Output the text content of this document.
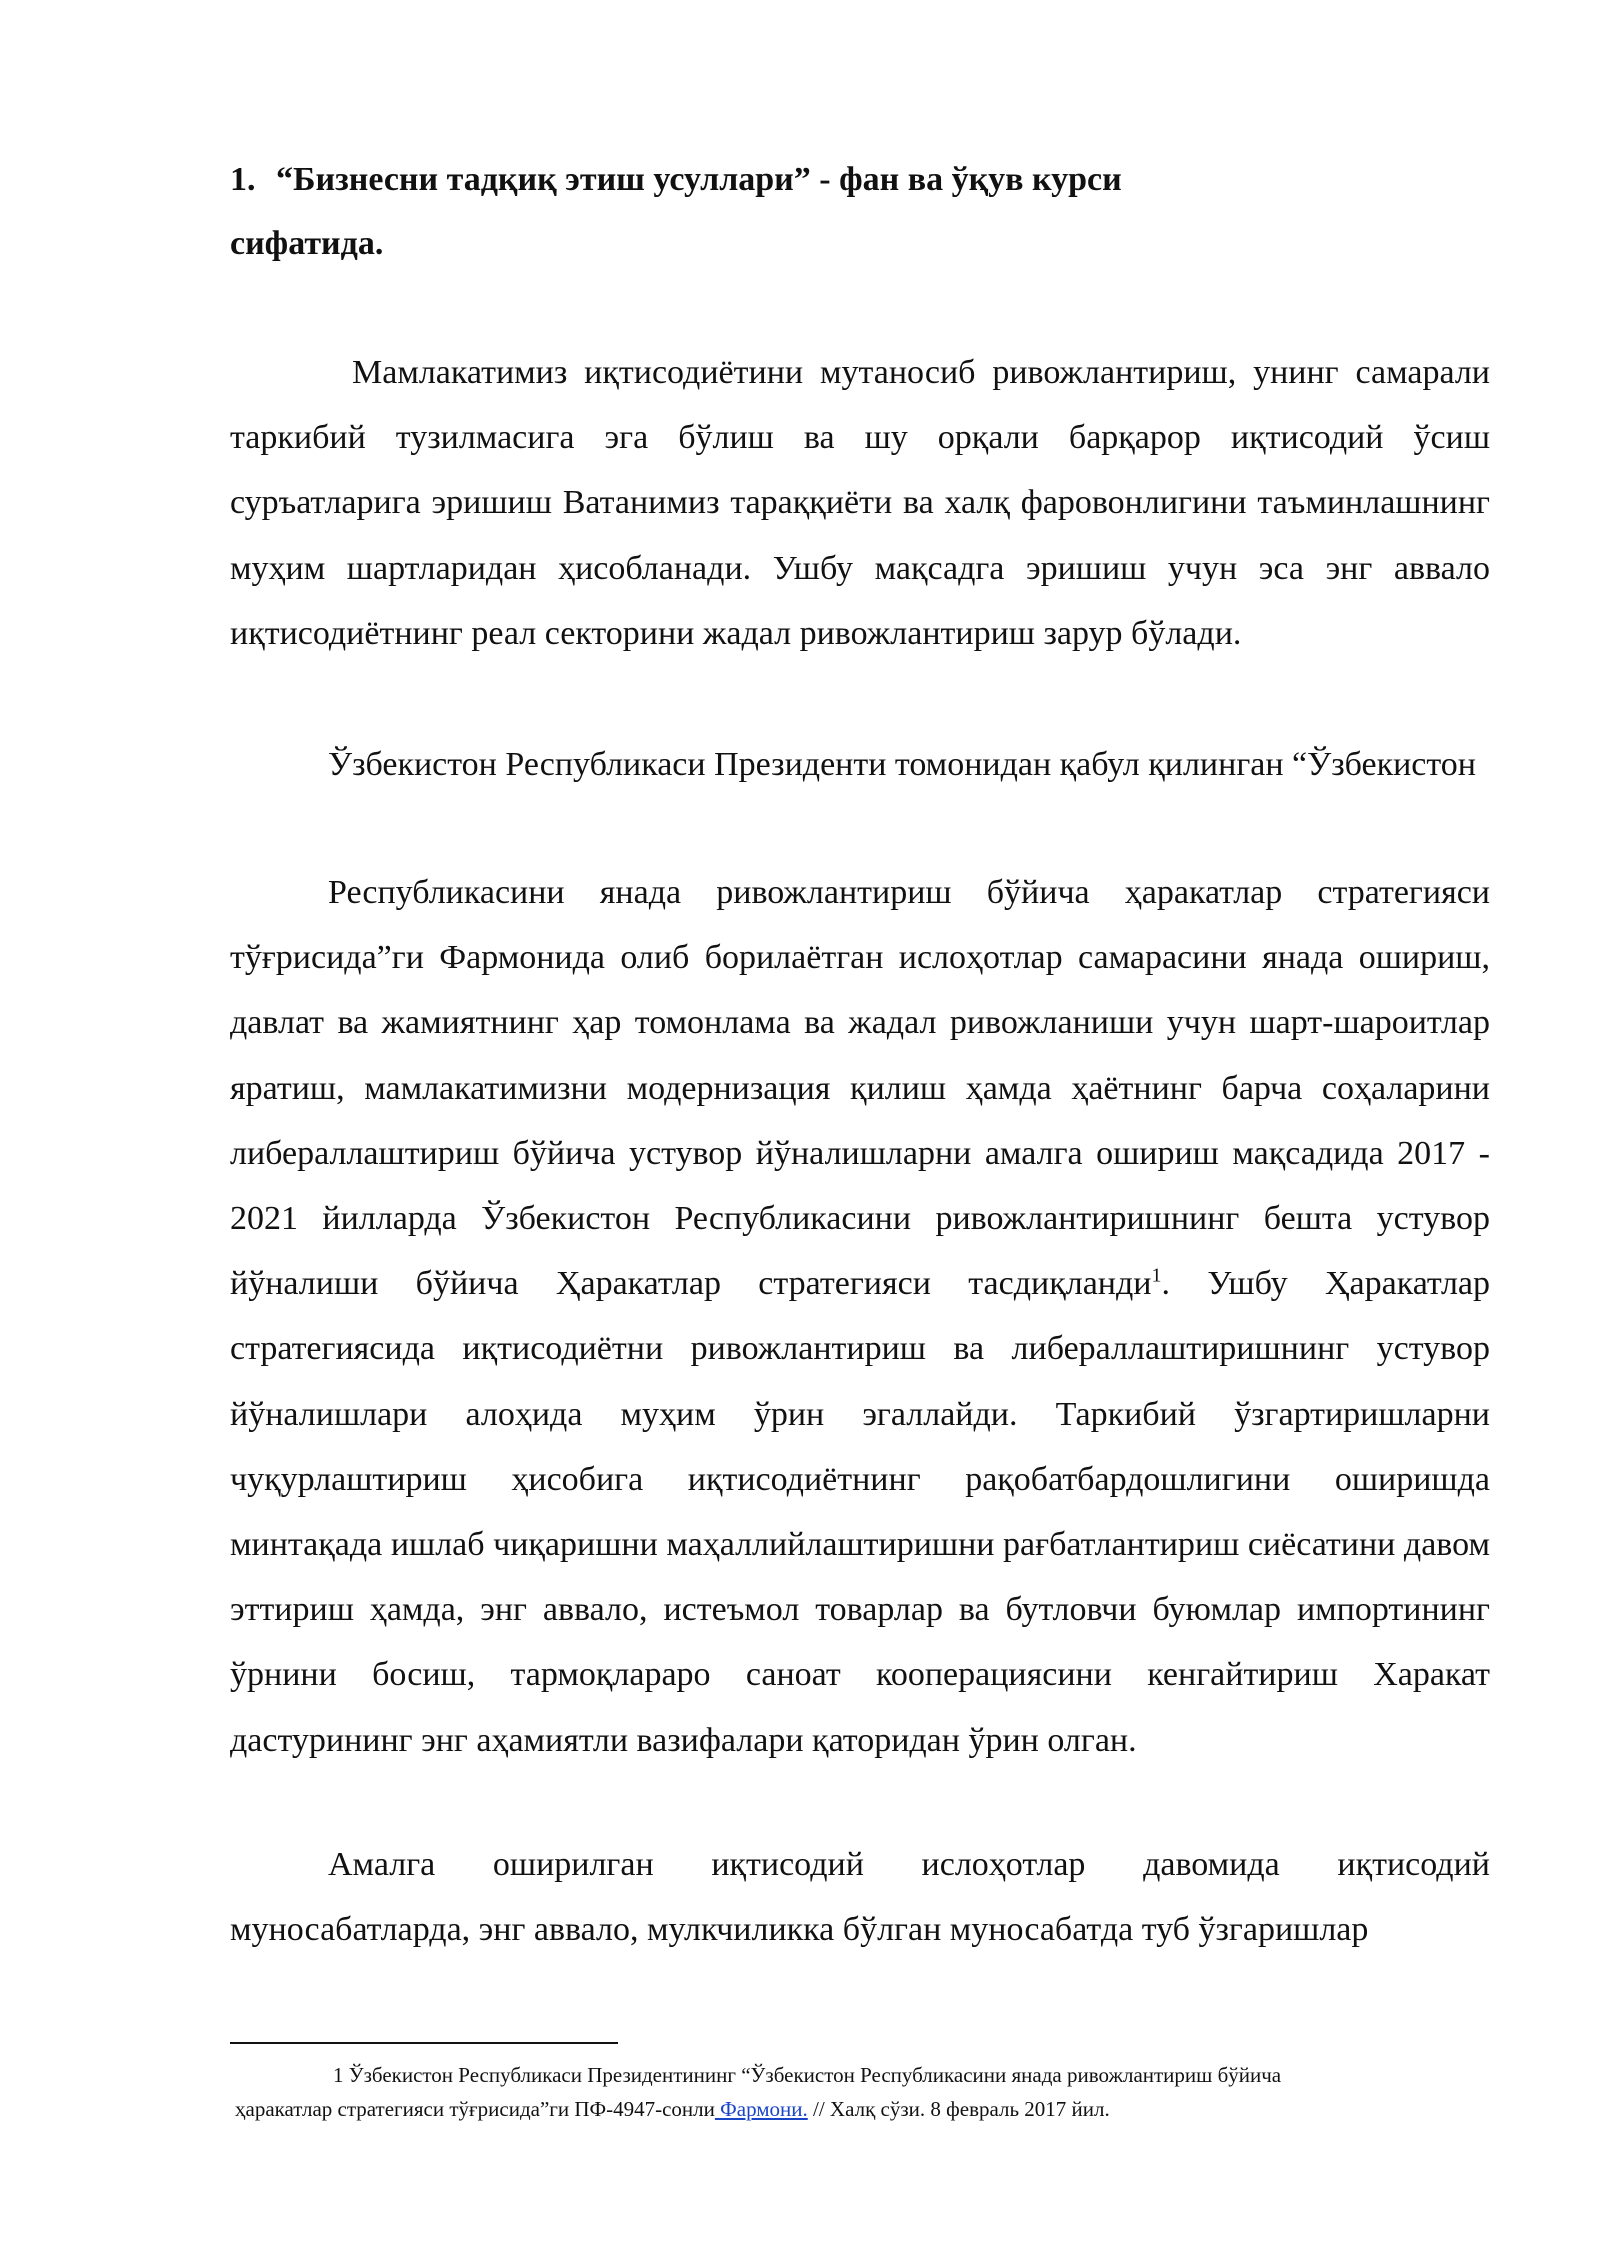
1. “Бизнесни тадқиқ этиш усуллари” - фан ва ўқув курси
сифатида.

Мамлакатимиз иқтисодиётини мутаносиб ривожлантириш, унинг самарали таркибий тузилмасига эга бўлиш ва шу орқали барқарор иқтисодий ўсиш суръатларига эришиш Ватанимиз тараққиёти ва халқ фаровонлигини таъминлашнинг муҳим шартларидан ҳисобланади. Ушбу мақсадга эришиш учун эса энг аввало иқтисодиётнинг реал секторини жадал ривожлантириш зарур бўлади.

Ўзбекистон Республикаси Президенти томонидан қабул қилинган “Ўзбекистон

Республикасини янада ривожлантириш бўйича ҳаракатлар стратегияси тўғрисида”ги Фармонида олиб борилаётган ислоҳотлар самарасини янада ошириш, давлат ва жамиятнинг ҳар томонлама ва жадал ривожланиши учун шарт-шароитлар яратиш, мамлакатимизни модернизация қилиш ҳамда ҳаётнинг барча соҳаларини либераллаштириш бўйича устувор йўналишларни амалга ошириш мақсадида 2017 - 2021 йилларда Ўзбекистон Республикасини ривожлантиришнинг бешта устувор йўналиши бўйича Ҳаракатлар стратегияси тасдиқланди$^1$. Ушбу Ҳаракатлар стратегиясида иқтисодиётни ривожлантириш ва либераллаштиришнинг устувор йўналишлари алоҳида муҳим ўрин эгаллайди. Таркибий ўзгартиришларни чуқурлаштириш ҳисобига иқтисодиётнинг рақобатбардошлигини оширишда минтақада ишлаб чиқаришни маҳаллийлаштиришни рағбатлантириш сиёсатини давом эттириш ҳамда, энг аввало, истеъмол товарлар ва бутловчи буюмлар импортининг ўрнини босиш, тармоқлараро саноат кооперациясини кенгайтириш Харакат дастурининг энг аҳамиятли вазифалари қаторидан ўрин олган.

Амалга оширилган иқтисодий ислоҳотлар давомида иқтисодий муносабатларда, энг аввало, мулкчиликка бўлган муносабатда туб ўзгаришлар

1 Ўзбекистон Республикаси Президентининг “Ўзбекистон Республикасини янада ривожлантириш бўйича
ҳаракатлар стратегияси тўғрисида”ги ПФ-4947-сонли Фармони. // Халқ сўзи. 8 февраль 2017 йил.
